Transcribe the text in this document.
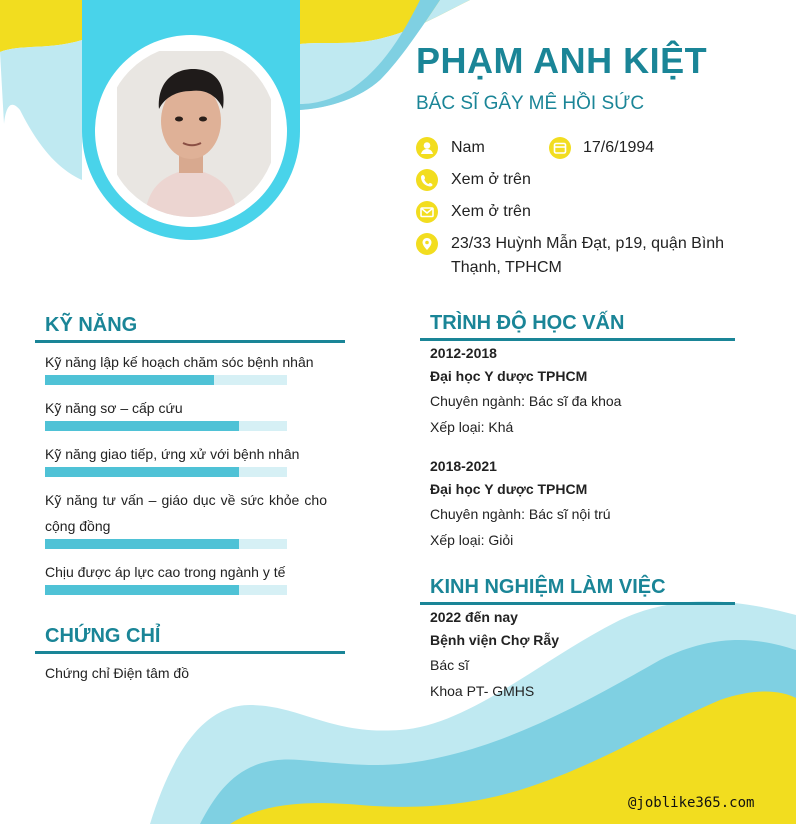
PHẠM ANH KIỆT
BÁC SĨ GÂY MÊ HỒI SỨC
Nam	17/6/1994
Xem ở trên
Xem ở trên
23/33 Huỳnh Mẫn Đạt, p19, quận Bình Thạnh, TPHCM
KỸ NĂNG
Kỹ năng lập kế hoạch chăm sóc bệnh nhân
Kỹ năng sơ – cấp cứu
Kỹ năng giao tiếp, ứng xử với bệnh nhân
Kỹ năng tư vấn – giáo dục về sức khỏe cho cộng đồng
Chịu được áp lực cao trong ngành y tế
CHỨNG CHỈ
Chứng chỉ Điện tâm đồ
TRÌNH ĐỘ HỌC VẤN
2012-2018
Đại học Y dược TPHCM
Chuyên ngành: Bác sĩ đa khoa
Xếp loại: Khá
2018-2021
Đại học Y dược TPHCM
Chuyên ngành: Bác sĩ nội trú
Xếp loại: Giỏi
KINH NGHIỆM LÀM VIỆC
2022 đến nay
Bệnh viện Chợ Rẫy
Bác sĩ
Khoa PT- GMHS
@joblike365.com
